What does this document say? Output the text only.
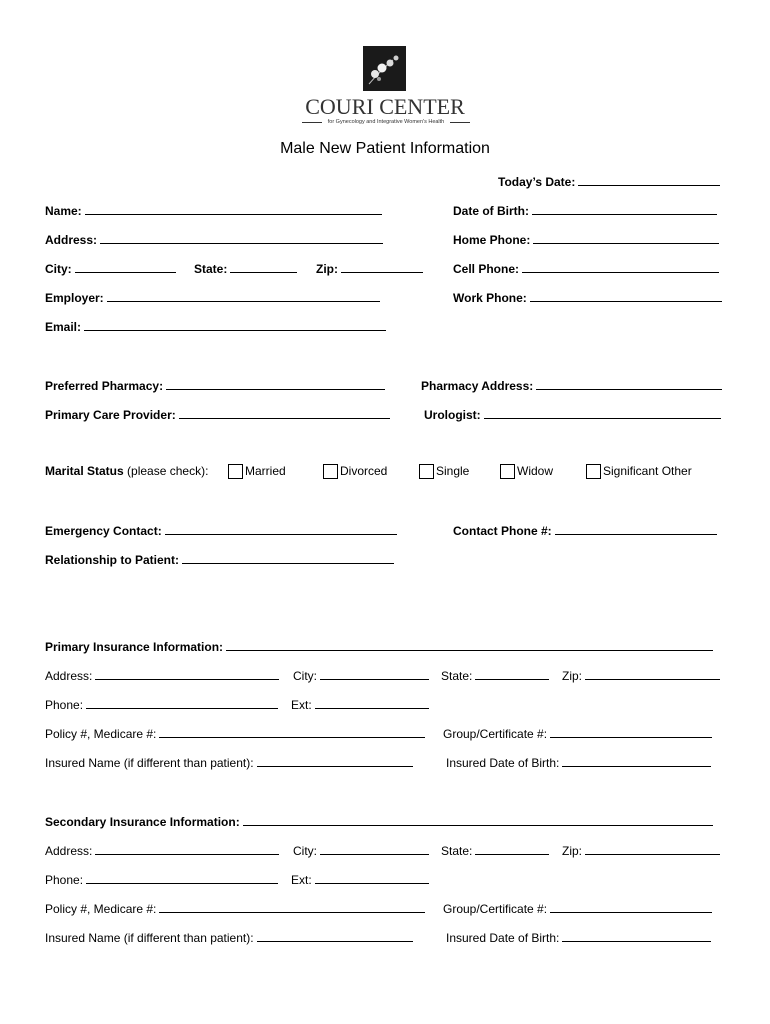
COURI CENTER
for Gynecology and Integrative Women's Health
Male New Patient Information
Today’s Date:
Name:	Date of Birth:
Address:	Home Phone:
City:	State:	Zip:	Cell Phone:
Employer:	Work Phone:
Email:
Preferred Pharmacy:	Pharmacy Address:
Primary Care Provider:	Urologist:
Marital Status (please check):	Married	Divorced	Single	Widow	Significant Other
Emergency Contact:	Contact Phone #:
Relationship to Patient:
Primary Insurance Information:
Address:	City:	State:	Zip:
Phone:	Ext:
Policy #, Medicare #:	Group/Certificate #:
Insured Name (if different than patient):	Insured Date of Birth:
Secondary Insurance Information:
Address:	City:	State:	Zip:
Phone:	Ext:
Policy #, Medicare #:	Group/Certificate #:
Insured Name (if different than patient):	Insured Date of Birth:
